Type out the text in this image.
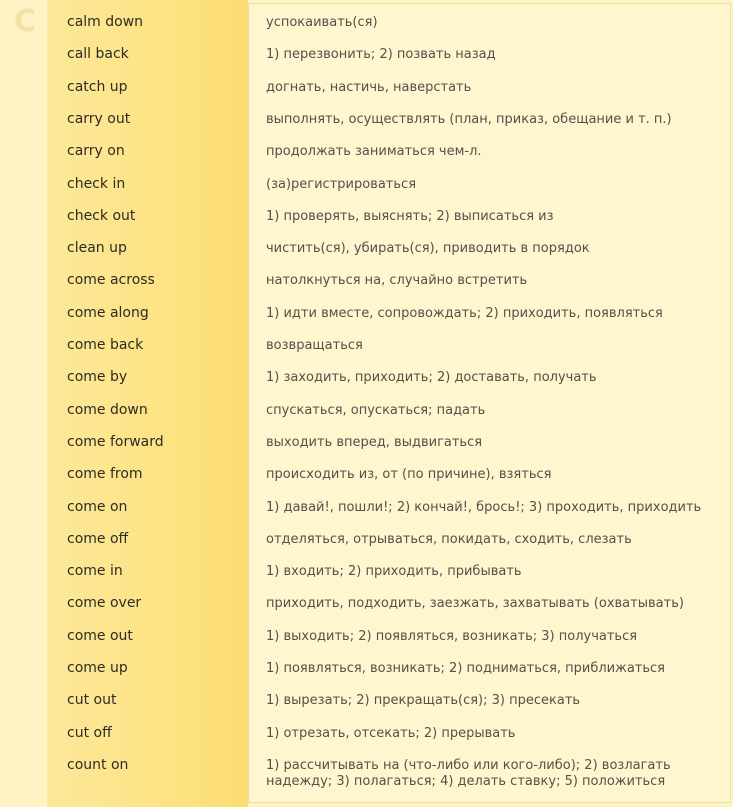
C calm down	успокаивать(ся)
call back	1) перезвонить; 2) позвать назад
catch up	догнать, настичь, наверстать
carry out	выполнять, осуществлять (план, приказ, обещание и т. п.)
carry on	продолжать заниматься чем-л.
check in	(за)регистрироваться
check out	1) проверять, выяснять; 2) выписаться из
clean up	чистить(ся), убирать(ся), приводить в порядок
come across	натолкнуться на, случайно встретить
come along	1) идти вместе, сопровождать; 2) приходить, появляться
come back	возвращаться
come by	1) заходить, приходить; 2) доставать, получать
come down	спускаться, опускаться; падать
come forward	выходить вперед, выдвигаться
come from	происходить из, от (по причине), взяться
come on	1) давай!, пошли!; 2) кончай!, брось!; 3) проходить, приходить
come off	отделяться, отрываться, покидать, сходить, слезать
come in	1) входить; 2) приходить, прибывать
come over	приходить, подходить, заезжать, захватывать (охватывать)
come out	1) выходить; 2) появляться, возникать; 3) получаться
come up	1) появляться, возникать; 2) подниматься, приближаться
cut out	1) вырезать; 2) прекращать(ся); 3) пресекать
cut off	1) отрезать, отсекать; 2) прерывать
count on	1) рассчитывать на (что-либо или кого-либо); 2) возлагать надежду; 3) полагаться; 4) делать ставку; 5) положиться
